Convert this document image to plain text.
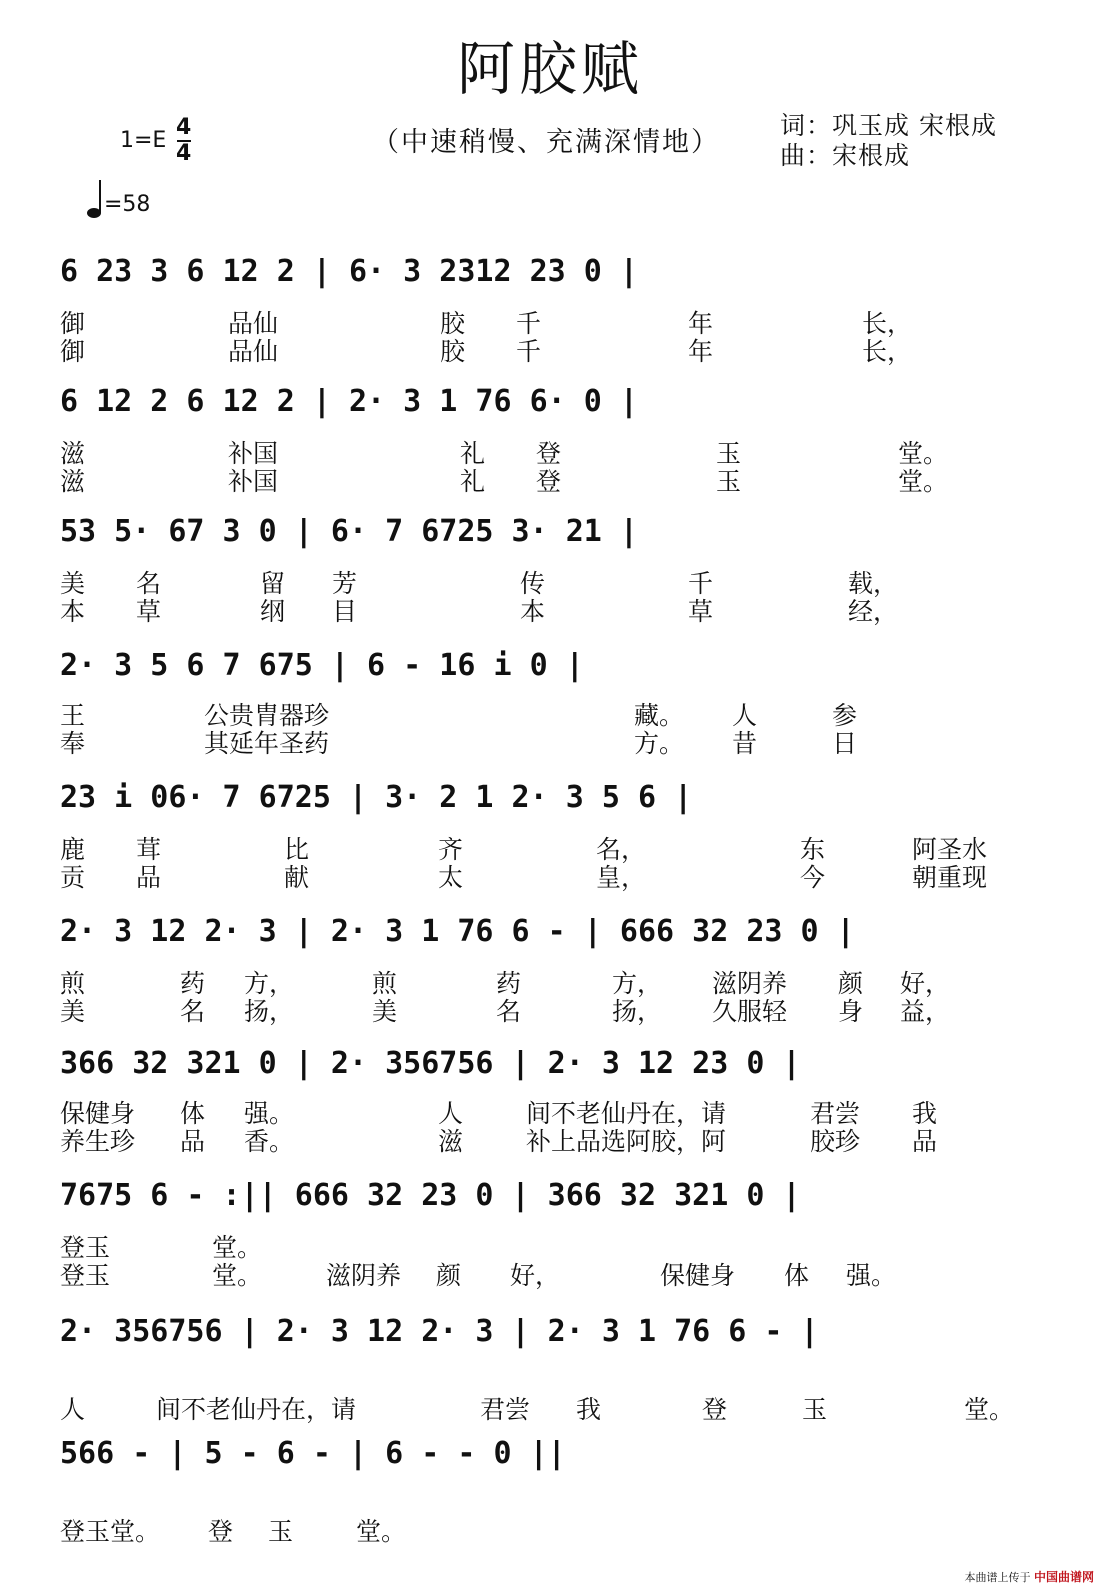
阿胶赋
1=E
4
4
=58
（中速稍慢、充满深情地）
词：巩玉成 宋根成
曲：宋根成
6 23 3 6 12 2 | 6· 3 2312 23 0 |
御	品仙	胶 千	年	长，
御	品仙	胶 千	年	长，
6 12 2 6 12 2 | 2· 3 1 76 6· 0 |
滋	补国	礼 登	玉	堂。
滋	补国	礼 登	玉	堂。
53 5· 67 3 0 | 6· 7 6725 3· 21 |
美 名	留 芳	传	千	载，
本 草	纲 目	本	草	经，
2· 3 5 6 7 675 | 6 - 16 i 0 |
王	公贵胄器珍	藏。 人	参
奉	其延年圣药	方。 昔	日
23 i 06· 7 6725 | 3· 2 1 2· 3 5 6 |
鹿 茸	比	齐	名，	东	阿圣水
贡 品	献	太	皇，	今	朝重现
2· 3 12 2· 3 | 2· 3 1 76 6 - | 666 32 23 0 |
煎	药 方，	煎	药	方， 滋阴养 颜 好，
美	名 扬，	美	名	扬， 久服轻 身 益，
366 32 321 0 | 2· 356756 | 2· 3 12 23 0 |
保健身 体 强。	人	间不老仙丹在，请	君尝 我
养生珍 品 香。	滋	补上品选阿胶，阿	胶珍 品
7675 6 - :|| 666 32 23 0 | 366 32 321 0 |
登玉	堂。
登玉	堂。	滋阴养 颜 好，	保健身 体 强。
2· 356756 | 2· 3 12 2· 3 | 2· 3 1 76 6 - |
人	间不老仙丹在，请	君尝 我	登	玉	堂。
566 - | 5 - 6 - | 6 - - 0 ||
登玉堂。 登 玉	堂。
本曲谱上传于 中国曲谱网
